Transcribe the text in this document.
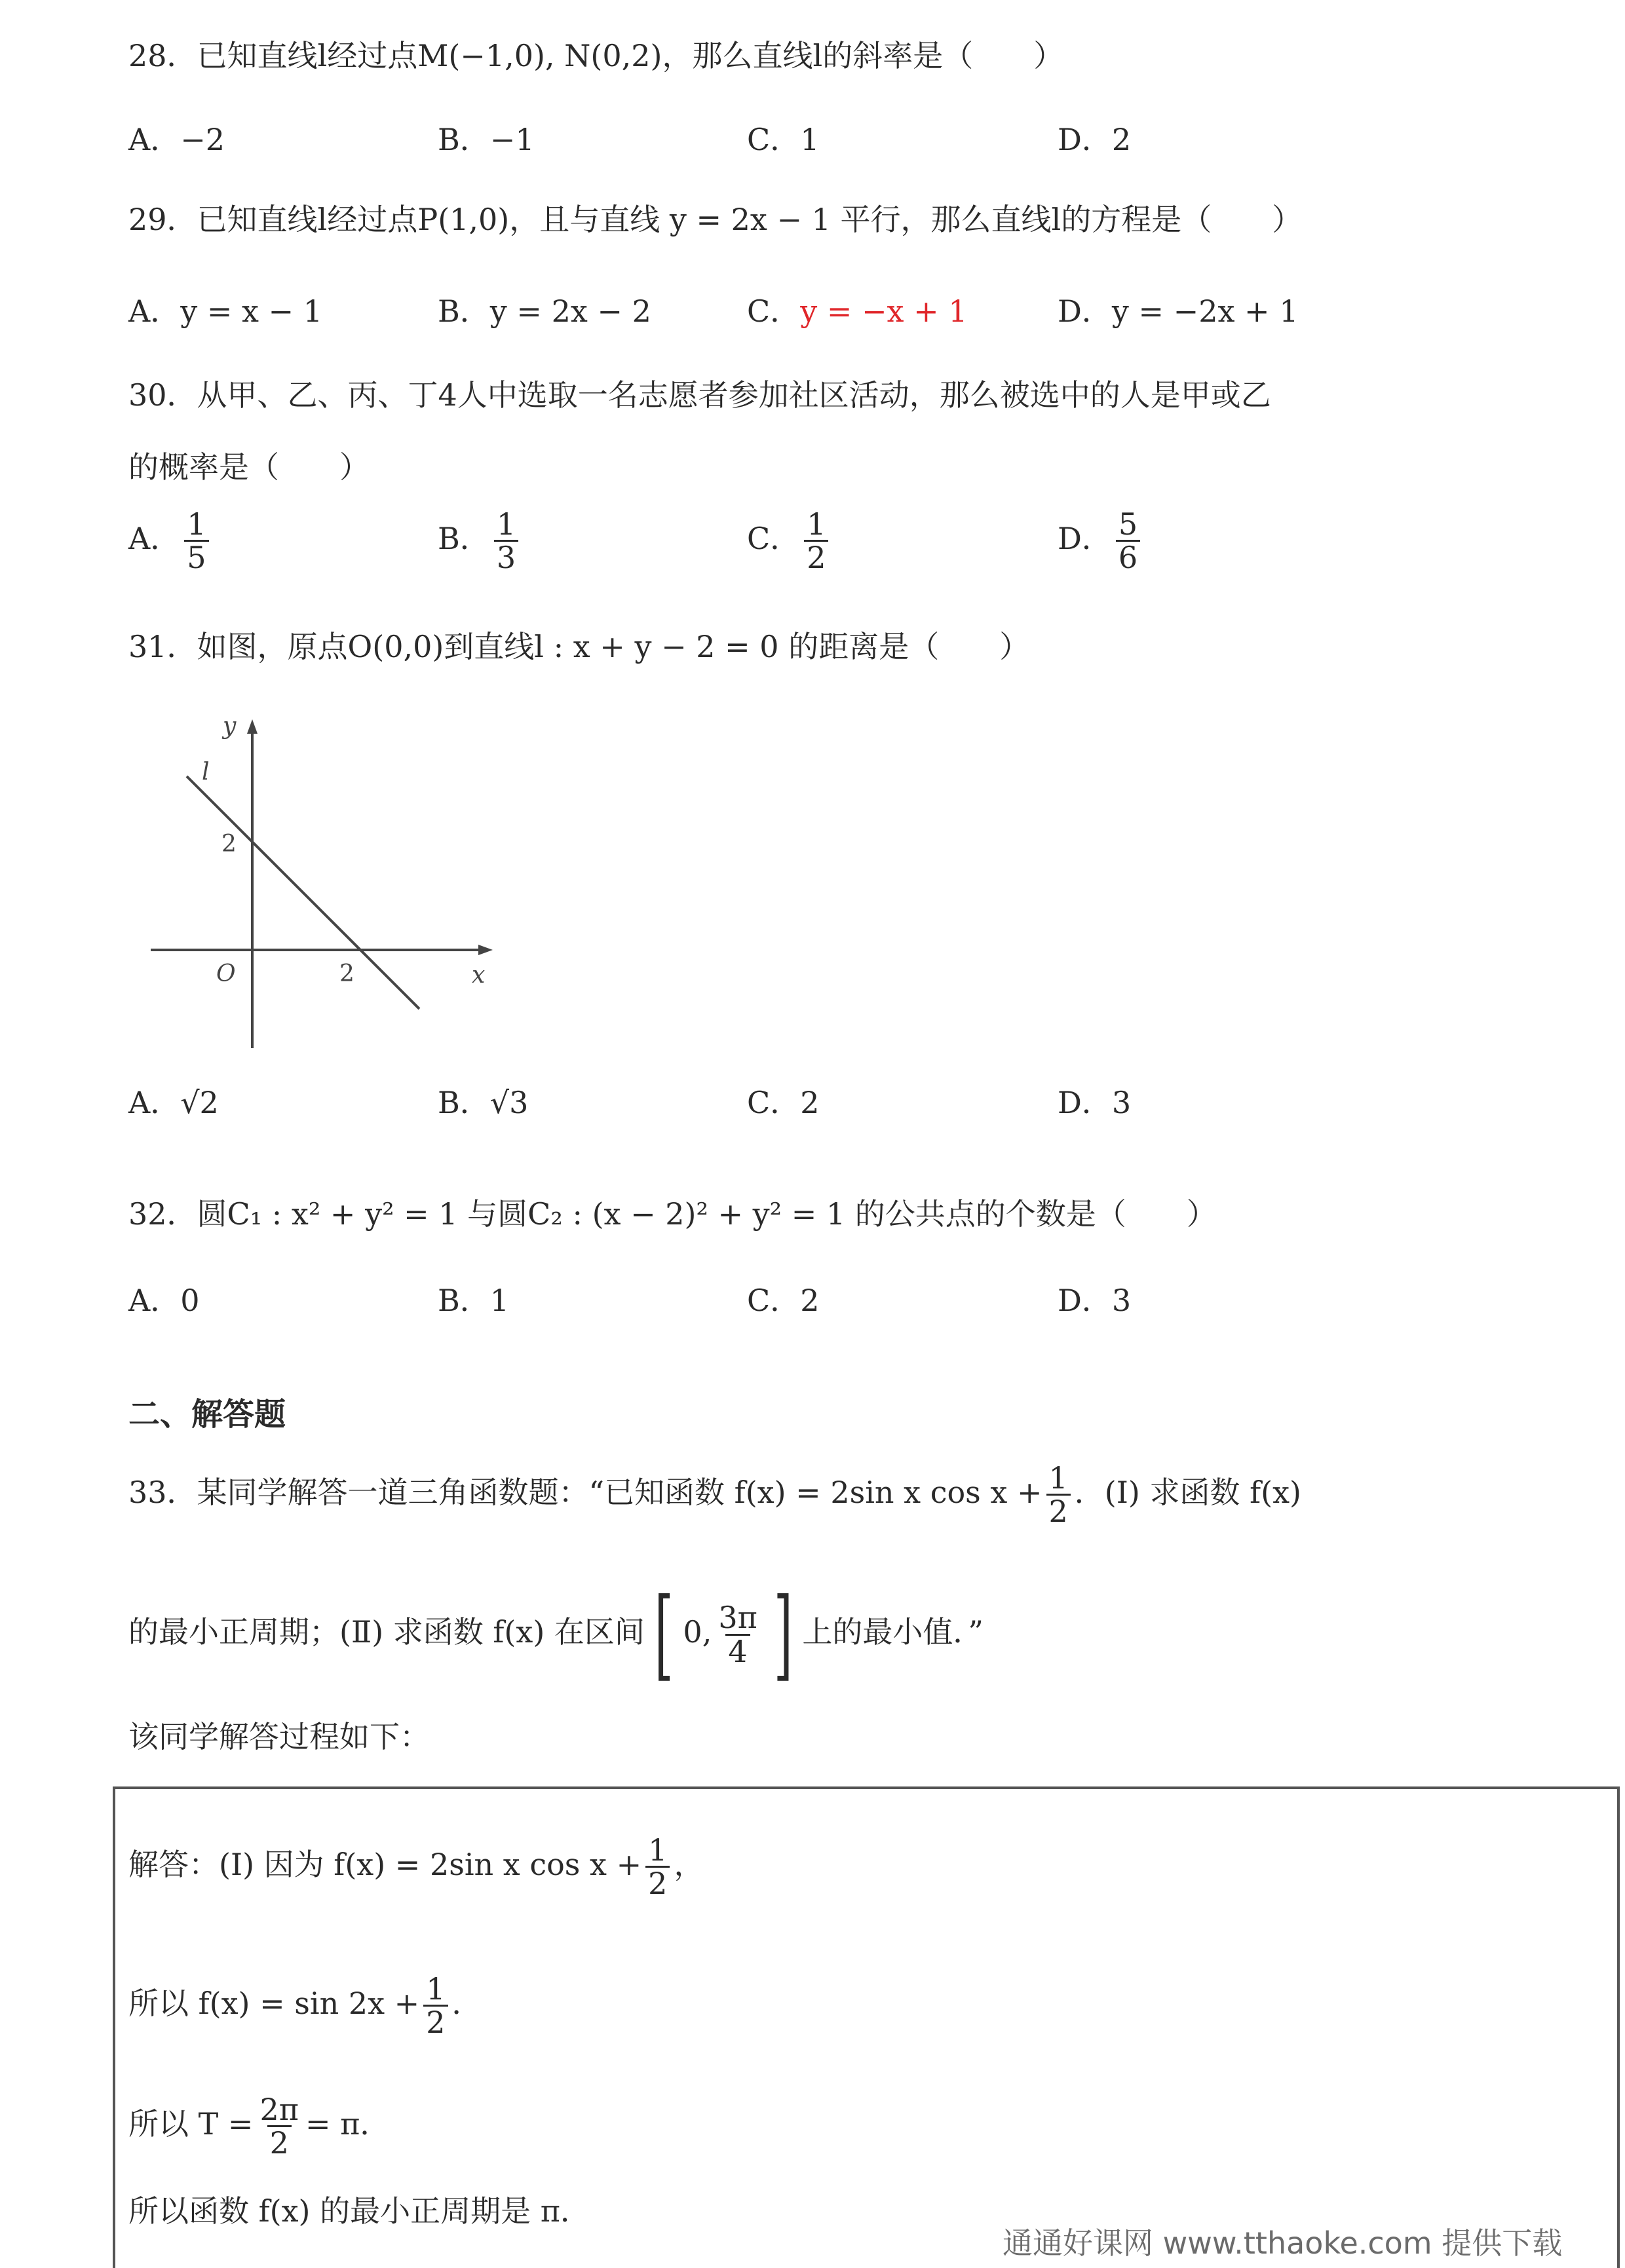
28．已知直线l经过点M(−1,0), N(0,2)，那么直线l的斜率是（　　）
A．−2	B．−1	C．1	D．2
29．已知直线l经过点P(1,0)，且与直线 y = 2x − 1 平行，那么直线l的方程是（　　）
A．y = x − 1	B．y = 2x − 2	C．y = −x + 1	D．y = −2x + 1
30．从甲、乙、丙、丁4人中选取一名志愿者参加社区活动，那么被选中的人是甲或乙
的概率是（　　）
A． $\frac{1}{5}$	B． $\frac{1}{3}$	C． $\frac{1}{2}$	D． $\frac{5}{6}$
31．如图，原点O(0,0)到直线l : x + y − 2 = 0 的距离是（　　）
y
x
l
O
2
2
A．√2	B．√3	C．2	D．3
32．圆C₁ : x² + y² = 1 与圆C₂ : (x − 2)² + y² = 1 的公共点的个数是（　　）
A．0	B．1	C．2	D．3
二、解答题
33．某同学解答一道三角函数题：“已知函数 f(x) = 2sin x $\cos x + \frac{1}{2}$ ．(Ⅰ) 求函数 f(x)
的最小正周期；(Ⅱ) 求函数 f(x) 在区间[ 0, $\frac{3\pi}{4}$ ] 上的最小值．”
该同学解答过程如下：
解答：(Ⅰ) 因为 f(x) = 2sin x $\cos x + \frac{1}{2}$ ，
所以 $f(x) = \sin 2x + \frac{1}{2}$ ．
所以 $T = \frac{2\pi}{2} = \pi$．
所以函数 f(x) 的最小正周期是 π．
通通好课网 www.tthaoke.com 提供下载
